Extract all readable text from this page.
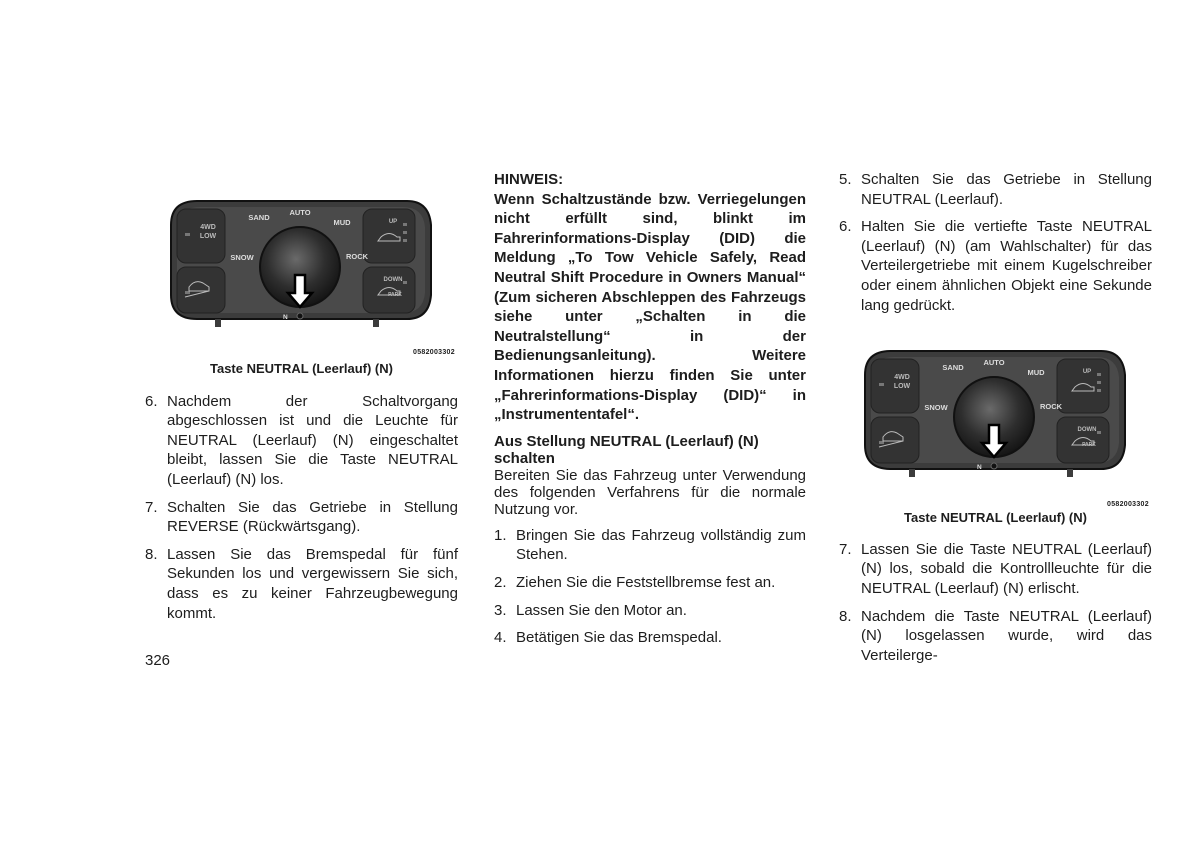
AUTO
SAND
MUD
SNOW	ROCK
4WD
LOW
UP
DOWN
PARK
N
0582003302
Taste NEUTRAL (Leerlauf) (N)
6. Nachdem der Schaltvorgang abgeschlossen ist und die Leuchte für NEUTRAL (Leerlauf) (N) eingeschaltet bleibt, lassen Sie die Taste NEUTRAL (Leerlauf) (N) los.
7. Schalten Sie das Getriebe in Stellung REVERSE (Rückwärtsgang).
8. Lassen Sie das Bremspedal für fünf Sekunden los und vergewissern Sie sich, dass es zu keiner Fahrzeugbewegung kommt.

HINWEIS:

Wenn Schaltzustände bzw. Verriegelungen nicht erfüllt sind, blinkt im Fahrerinformations-Display (DID) die Meldung „To Tow Vehicle Safely, Read Neutral Shift Procedure in Owners Manual“ (Zum sicheren Abschleppen des Fahrzeugs siehe unter „Schalten in die Neutralstellung“ in der Bedienungsanleitung). Weitere Informationen hierzu finden Sie unter „Fahrerinformations-Display (DID)“ in „Instrumententafel“.

Aus Stellung NEUTRAL (Leerlauf) (N) schalten

Bereiten Sie das Fahrzeug unter Verwendung des folgenden Verfahrens für die normale Nutzung vor.

1. Bringen Sie das Fahrzeug vollständig zum Stehen.
2. Ziehen Sie die Feststellbremse fest an.
3. Lassen Sie den Motor an.
4. Betätigen Sie das Bremspedal.
5. Schalten Sie das Getriebe in Stellung NEUTRAL (Leerlauf).
6. Halten Sie die vertiefte Taste NEUTRAL (Leerlauf) (N) (am Wahlschalter) für das Verteilergetriebe mit einem Kugelschreiber oder einem ähnlichen Objekt eine Sekunde lang gedrückt.
AUTO
SAND
MUD
SNOW	ROCK
4WD
LOW
UP
DOWN
PARK
N
0582003302
Taste NEUTRAL (Leerlauf) (N)
7. Lassen Sie die Taste NEUTRAL (Leerlauf) (N) los, sobald die Kontrollleuchte für die NEUTRAL (Leerlauf) (N) erlischt.
8. Nachdem die Taste NEUTRAL (Leerlauf) (N) losgelassen wurde, wird das Verteilerge-
326
